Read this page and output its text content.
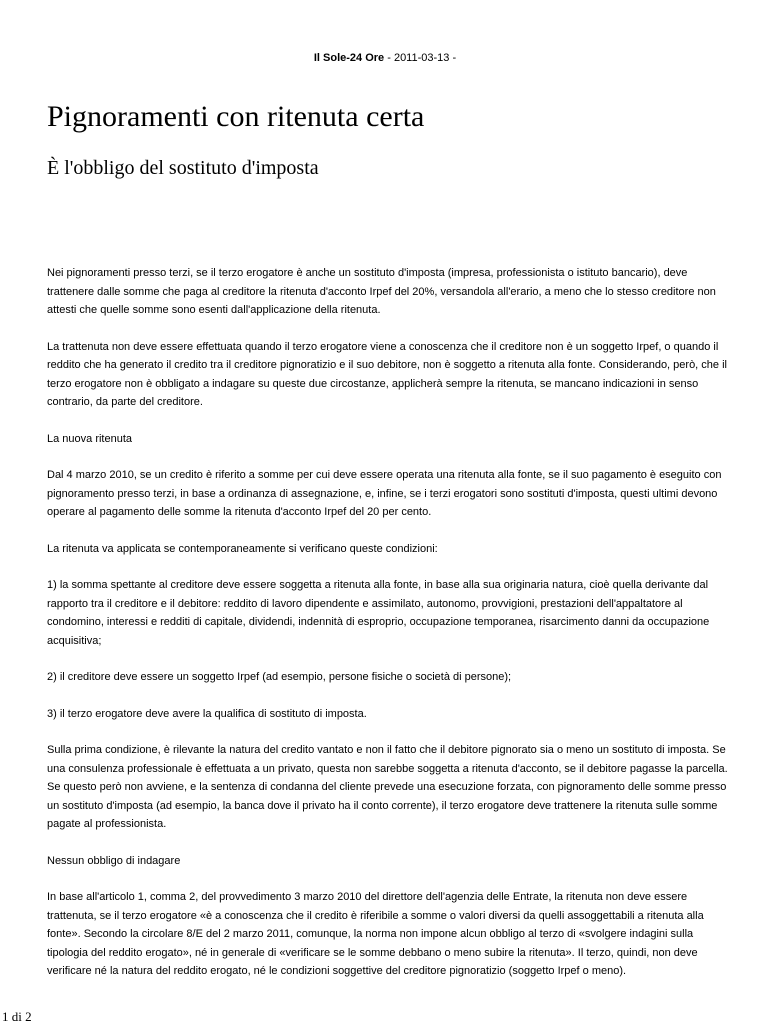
Il Sole-24 Ore - 2011-03-13 -
Pignoramenti con ritenuta certa
È l'obbligo del sostituto d'imposta

Nei pignoramenti presso terzi, se il terzo erogatore è anche un sostituto d'imposta (impresa, professionista o istituto bancario), deve trattenere dalle somme che paga al creditore la ritenuta d'acconto Irpef del 20%, versandola all'erario, a meno che lo stesso creditore non attesti che quelle somme sono esenti dall'applicazione della ritenuta.

La trattenuta non deve essere effettuata quando il terzo erogatore viene a conoscenza che il creditore non è un soggetto Irpef, o quando il reddito che ha generato il credito tra il creditore pignoratizio e il suo debitore, non è soggetto a ritenuta alla fonte. Considerando, però, che il terzo erogatore non è obbligato a indagare su queste due circostanze, applicherà sempre la ritenuta, se mancano indicazioni in senso contrario, da parte del creditore.

La nuova ritenuta

Dal 4 marzo 2010, se un credito è riferito a somme per cui deve essere operata una ritenuta alla fonte, se il suo pagamento è eseguito con pignoramento presso terzi, in base a ordinanza di assegnazione, e, infine, se i terzi erogatori sono sostituti d'imposta, questi ultimi devono operare al pagamento delle somme la ritenuta d'acconto Irpef del 20 per cento.

La ritenuta va applicata se contemporaneamente si verificano queste condizioni:

1) la somma spettante al creditore deve essere soggetta a ritenuta alla fonte, in base alla sua originaria natura, cioè quella derivante dal rapporto tra il creditore e il debitore: reddito di lavoro dipendente e assimilato, autonomo, provvigioni, prestazioni dell'appaltatore al condomino, interessi e redditi di capitale, dividendi, indennità di esproprio, occupazione temporanea, risarcimento danni da occupazione acquisitiva;

2) il creditore deve essere un soggetto Irpef (ad esempio, persone fisiche o società di persone);

3) il terzo erogatore deve avere la qualifica di sostituto di imposta.

Sulla prima condizione, è rilevante la natura del credito vantato e non il fatto che il debitore pignorato sia o meno un sostituto di imposta. Se una consulenza professionale è effettuata a un privato, questa non sarebbe soggetta a ritenuta d'acconto, se il debitore pagasse la parcella. Se questo però non avviene, e la sentenza di condanna del cliente prevede una esecuzione forzata, con pignoramento delle somme presso un sostituto d'imposta (ad esempio, la banca dove il privato ha il conto corrente), il terzo erogatore deve trattenere la ritenuta sulle somme pagate al professionista.

Nessun obbligo di indagare

In base all'articolo 1, comma 2, del provvedimento 3 marzo 2010 del direttore dell'agenzia delle Entrate, la ritenuta non deve essere trattenuta, se il terzo erogatore «è a conoscenza che il credito è riferibile a somme o valori diversi da quelli assoggettabili a ritenuta alla fonte». Secondo la circolare 8/E del 2 marzo 2011, comunque, la norma non impone alcun obbligo al terzo di «svolgere indagini sulla tipologia del reddito erogato», né in generale di «verificare se le somme debbano o meno subire la ritenuta». Il terzo, quindi, non deve verificare né la natura del reddito erogato, né le condizioni soggettive del creditore pignoratizio (soggetto Irpef o meno).

1 di 2
